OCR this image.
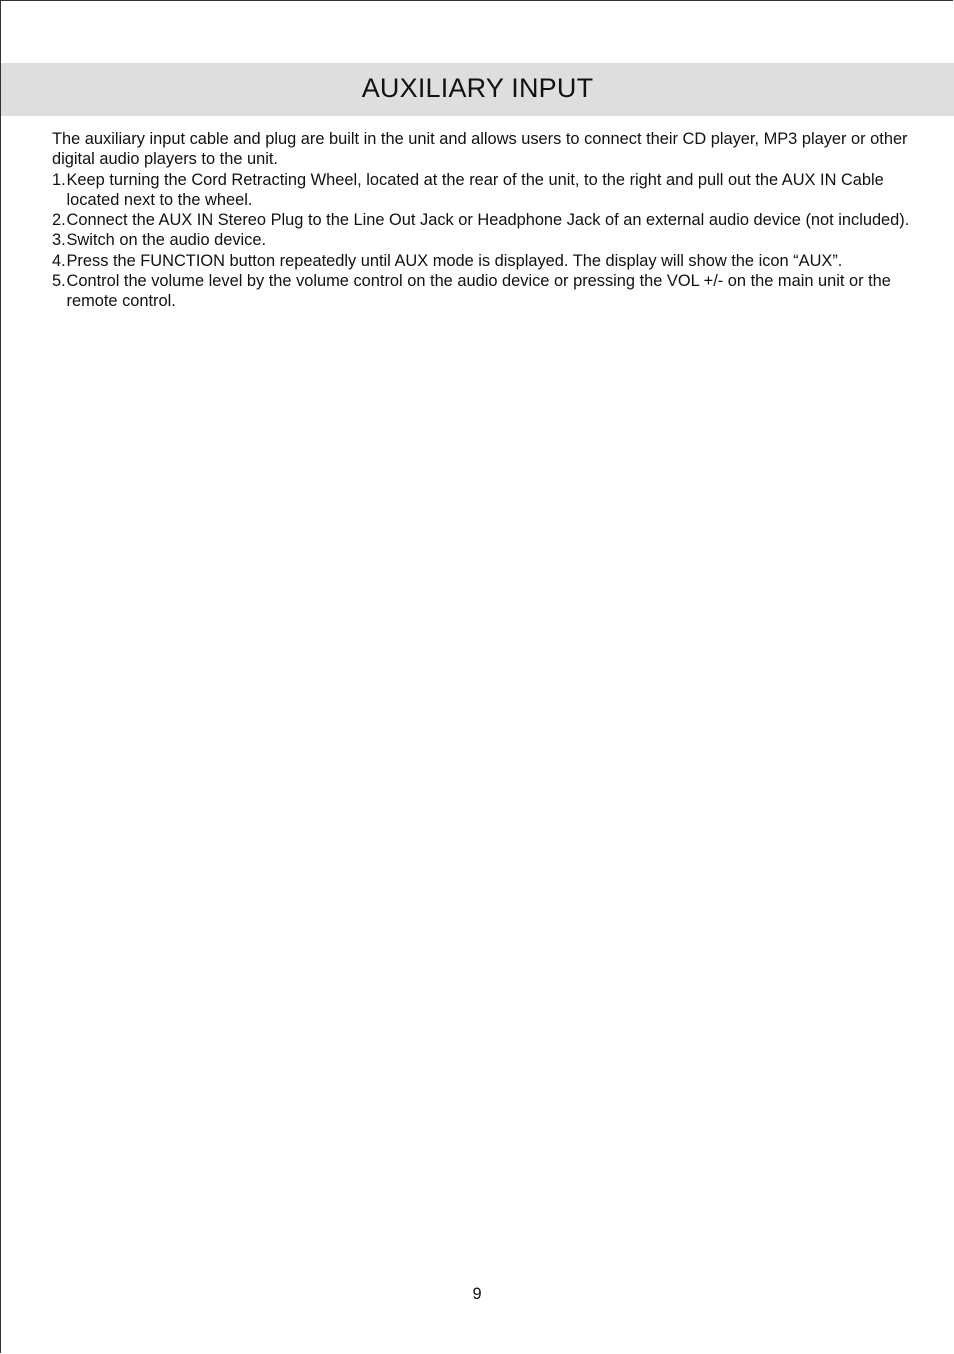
AUXILIARY INPUT

The auxiliary input cable and plug are built in the unit and allows users to connect their CD player, MP3 player or other digital audio players to the unit.

1. Keep turning the Cord Retracting Wheel, located at the rear of the unit, to the right and pull out the AUX IN Cable located next to the wheel.
2. Connect the AUX IN Stereo Plug to the Line Out Jack or Headphone Jack of an external audio device (not included).
3. Switch on the audio device.
4. Press the FUNCTION button repeatedly until AUX mode is displayed. The display will show the icon “AUX”.
5. Control the volume level by the volume control on the audio device or pressing the VOL +/- on the main unit or the remote control.
9
